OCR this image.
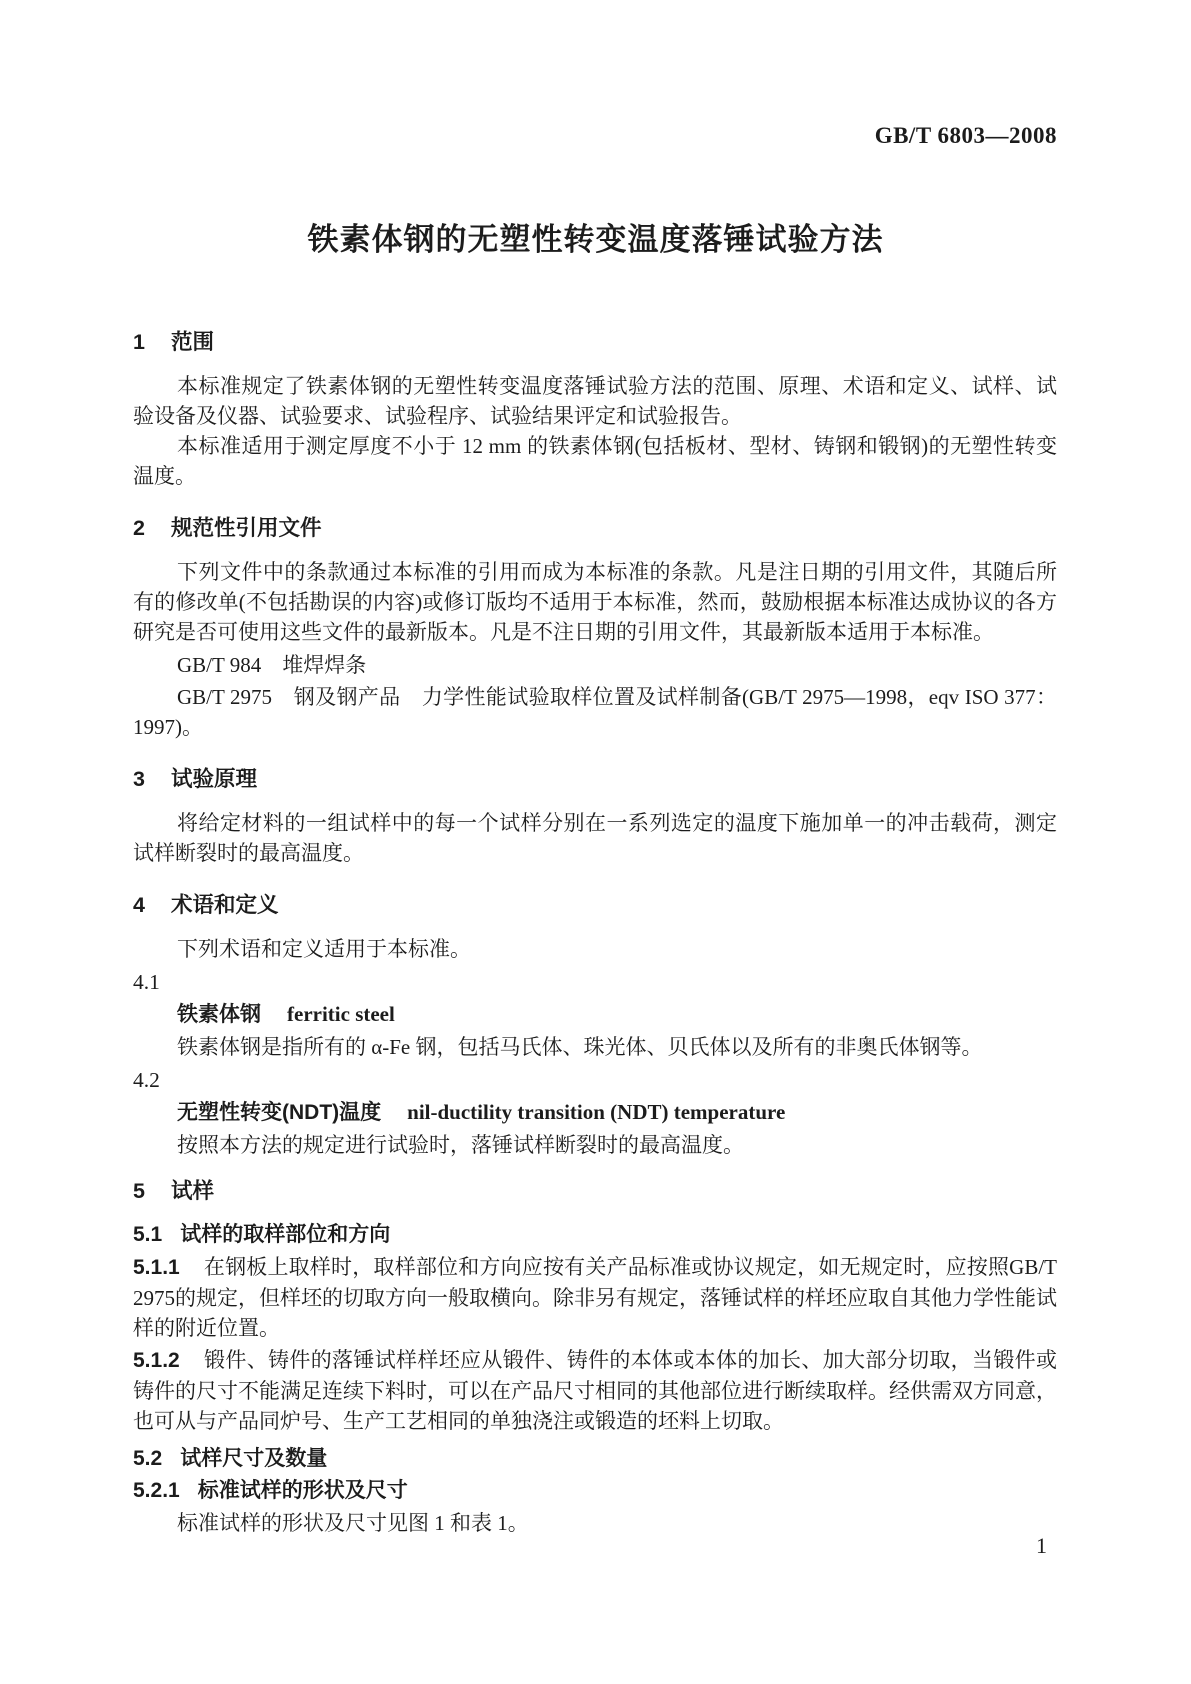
GB/T 6803—2008
铁素体钢的无塑性转变温度落锤试验方法
1 范围

本标准规定了铁素体钢的无塑性转变温度落锤试验方法的范围、原理、术语和定义、试样、试验设备及仪器、试验要求、试验程序、试验结果评定和试验报告。

本标准适用于测定厚度不小于 12 mm 的铁素体钢(包括板材、型材、铸钢和锻钢)的无塑性转变温度。

2 规范性引用文件

下列文件中的条款通过本标准的引用而成为本标准的条款。凡是注日期的引用文件，其随后所有的修改单(不包括勘误的内容)或修订版均不适用于本标准，然而，鼓励根据本标准达成协议的各方研究是否可使用这些文件的最新版本。凡是不注日期的引用文件，其最新版本适用于本标准。

GB/T 984　堆焊焊条

GB/T 2975　钢及钢产品　力学性能试验取样位置及试样制备(GB/T 2975—1998，eqv ISO 377：1997)。

3 试验原理

将给定材料的一组试样中的每一个试样分别在一系列选定的温度下施加单一的冲击载荷，测定试样断裂时的最高温度。

4 术语和定义

下列术语和定义适用于本标准。

4.1

铁素体钢 ferritic steel

铁素体钢是指所有的 α-Fe 钢，包括马氏体、珠光体、贝氏体以及所有的非奥氏体钢等。

4.2

无塑性转变(NDT)温度 nil-ductility transition (NDT) temperature

按照本方法的规定进行试验时，落锤试样断裂时的最高温度。

5 试样
5.1 试样的取样部位和方向

5.1.1 在钢板上取样时，取样部位和方向应按有关产品标准或协议规定，如无规定时，应按照GB/T 2975的规定，但样坯的切取方向一般取横向。除非另有规定，落锤试样的样坯应取自其他力学性能试样的附近位置。

5.1.2 锻件、铸件的落锤试样样坯应从锻件、铸件的本体或本体的加长、加大部分切取，当锻件或铸件的尺寸不能满足连续下料时，可以在产品尺寸相同的其他部位进行断续取样。经供需双方同意，也可从与产品同炉号、生产工艺相同的单独浇注或锻造的坯料上切取。

5.2 试样尺寸及数量
5.2.1 标准试样的形状及尺寸

标准试样的形状及尺寸见图 1 和表 1。

1
